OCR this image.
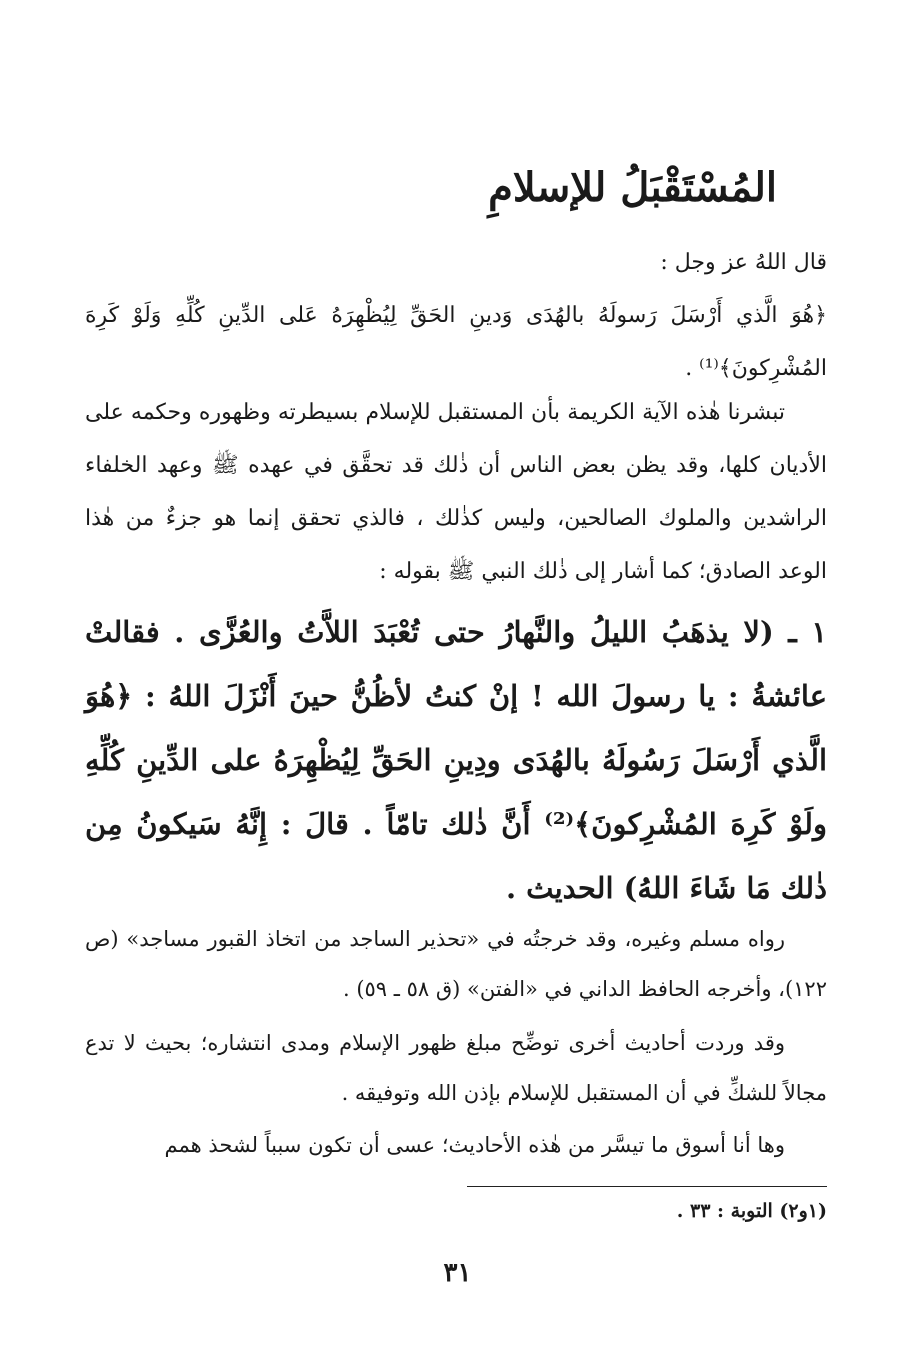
المُسْتَقْبَلُ للإسلامِ

قال اللهُ عز وجل :

﴿هُوَ الَّذي أَرْسَلَ رَسولَهُ بالهُدَى وَدينِ الحَقِّ لِيُظْهِرَهُ عَلى الدِّينِ كُلِّهِ وَلَوْ كَرِهَ المُشْرِكونَ﴾⁽¹⁾ .

تبشرنا هٰذه الآية الكريمة بأن المستقبل للإسلام بسيطرته وظهوره وحكمه على الأديان كلها، وقد يظن بعض الناس أن ذٰلك قد تحقَّق في عهده ﷺ وعهد الخلفاء الراشدين والملوك الصالحين، وليس كذٰلك ، فالذي تحقق إنما هو جزءٌ من هٰذا الوعد الصادق؛ كما أشار إلى ذٰلك النبي ﷺ بقوله :

١ ـ (لا يذهَبُ الليلُ والنَّهارُ حتى تُعْبَدَ اللاَّتُ والعُزَّى . فقالتْ عائشةُ : يا رسولَ الله ! إنْ كنتُ لأظُنُّ حينَ أَنْزَلَ اللهُ : ﴿هُوَ الَّذي أَرْسَلَ رَسُولَهُ بالهُدَى ودِينِ الحَقِّ لِيُظْهِرَهُ على الدِّينِ كُلِّهِ ولَوْ كَرِهَ المُشْرِكونَ﴾⁽²⁾ أَنَّ ذٰلك تامّاً . قالَ : إِنَّهُ سَيكونُ مِن ذٰلك مَا شَاءَ اللهُ) الحديث .

رواه مسلم وغيره، وقد خرجتُه في «تحذير الساجد من اتخاذ القبور مساجد» (ص ١٢٢)، وأخرجه الحافظ الداني في «الفتن» (ق ٥٨ ـ ٥٩) .

وقد وردت أحاديث أخرى توضِّح مبلغ ظهور الإسلام ومدى انتشاره؛ بحيث لا تدع مجالاً للشكِّ في أن المستقبل للإسلام بإذن الله وتوفيقه .

وها أنا أسوق ما تيسَّر من هٰذه الأحاديث؛ عسى أن تكون سبباً لشحذ همم

(١و٢) التوبة : ٣٣ .
٣١
